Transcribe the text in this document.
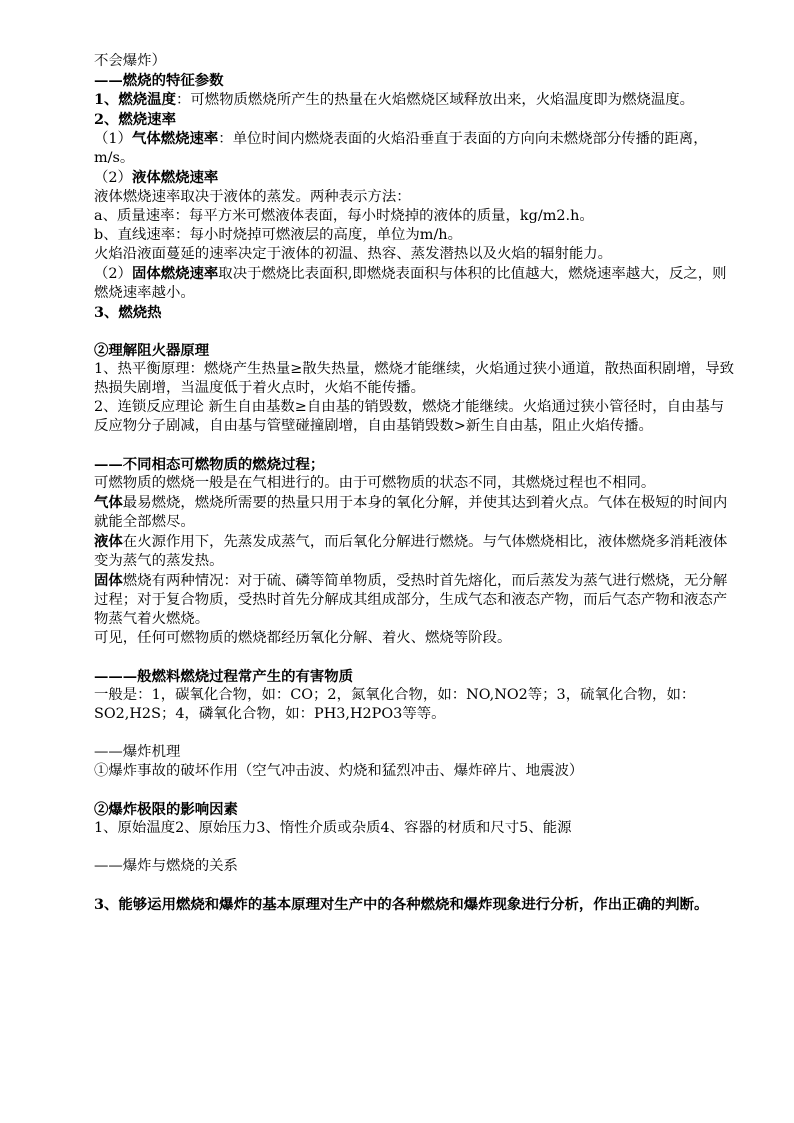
不会爆炸）

——燃烧的特征参数

1、燃烧温度：可燃物质燃烧所产生的热量在火焰燃烧区域释放出来，火焰温度即为燃烧温度。

2、燃烧速率

（1）气体燃烧速率：单位时间内燃烧表面的火焰沿垂直于表面的方向向未燃烧部分传播的距离，m/s。

（2）液体燃烧速率

液体燃烧速率取决于液体的蒸发。两种表示方法：

a、质量速率：每平方米可燃液体表面，每小时烧掉的液体的质量，kg/m2.h。

b、直线速率：每小时烧掉可燃液层的高度，单位为m/h。

火焰沿液面蔓延的速率决定于液体的初温、热容、蒸发潜热以及火焰的辐射能力。

（2）固体燃烧速率取决于燃烧比表面积,即燃烧表面积与体积的比值越大，燃烧速率越大，反之，则燃烧速率越小。

3、燃烧热

②理解阻火器原理

1、热平衡原理：燃烧产生热量≥散失热量，燃烧才能继续，火焰通过狭小通道，散热面积剧增，导致热损失剧增，当温度低于着火点时，火焰不能传播。

2、连锁反应理论 新生自由基数≥自由基的销毁数，燃烧才能继续。火焰通过狭小管径时，自由基与反应物分子剧减，自由基与管壁碰撞剧增，自由基销毁数>新生自由基，阻止火焰传播。

——不同相态可燃物质的燃烧过程；

可燃物质的燃烧一般是在气相进行的。由于可燃物质的状态不同，其燃烧过程也不相同。

气体最易燃烧，燃烧所需要的热量只用于本身的氧化分解，并使其达到着火点。气体在极短的时间内就能全部燃尽。

液体在火源作用下，先蒸发成蒸气，而后氧化分解进行燃烧。与气体燃烧相比，液体燃烧多消耗液体变为蒸气的蒸发热。

固体燃烧有两种情况：对于硫、磷等简单物质，受热时首先熔化，而后蒸发为蒸气进行燃烧，无分解过程；对于复合物质，受热时首先分解成其组成部分，生成气态和液态产物，而后气态产物和液态产物蒸气着火燃烧。

可见，任何可燃物质的燃烧都经历氧化分解、着火、燃烧等阶段。

———般燃料燃烧过程常产生的有害物质

一般是：1，碳氧化合物，如：CO；2，氮氧化合物，如：NO,NO2等；3，硫氧化合物，如：SO2,H2S；4，磷氧化合物，如：PH3,H2PO3等等。

——爆炸机理

①爆炸事故的破坏作用（空气冲击波、灼烧和猛烈冲击、爆炸碎片、地震波）

②爆炸极限的影响因素

1、原始温度2、原始压力3、惰性介质或杂质4、容器的材质和尺寸5、能源

——爆炸与燃烧的关系

3、能够运用燃烧和爆炸的基本原理对生产中的各种燃烧和爆炸现象进行分析，作出正确的判断。
